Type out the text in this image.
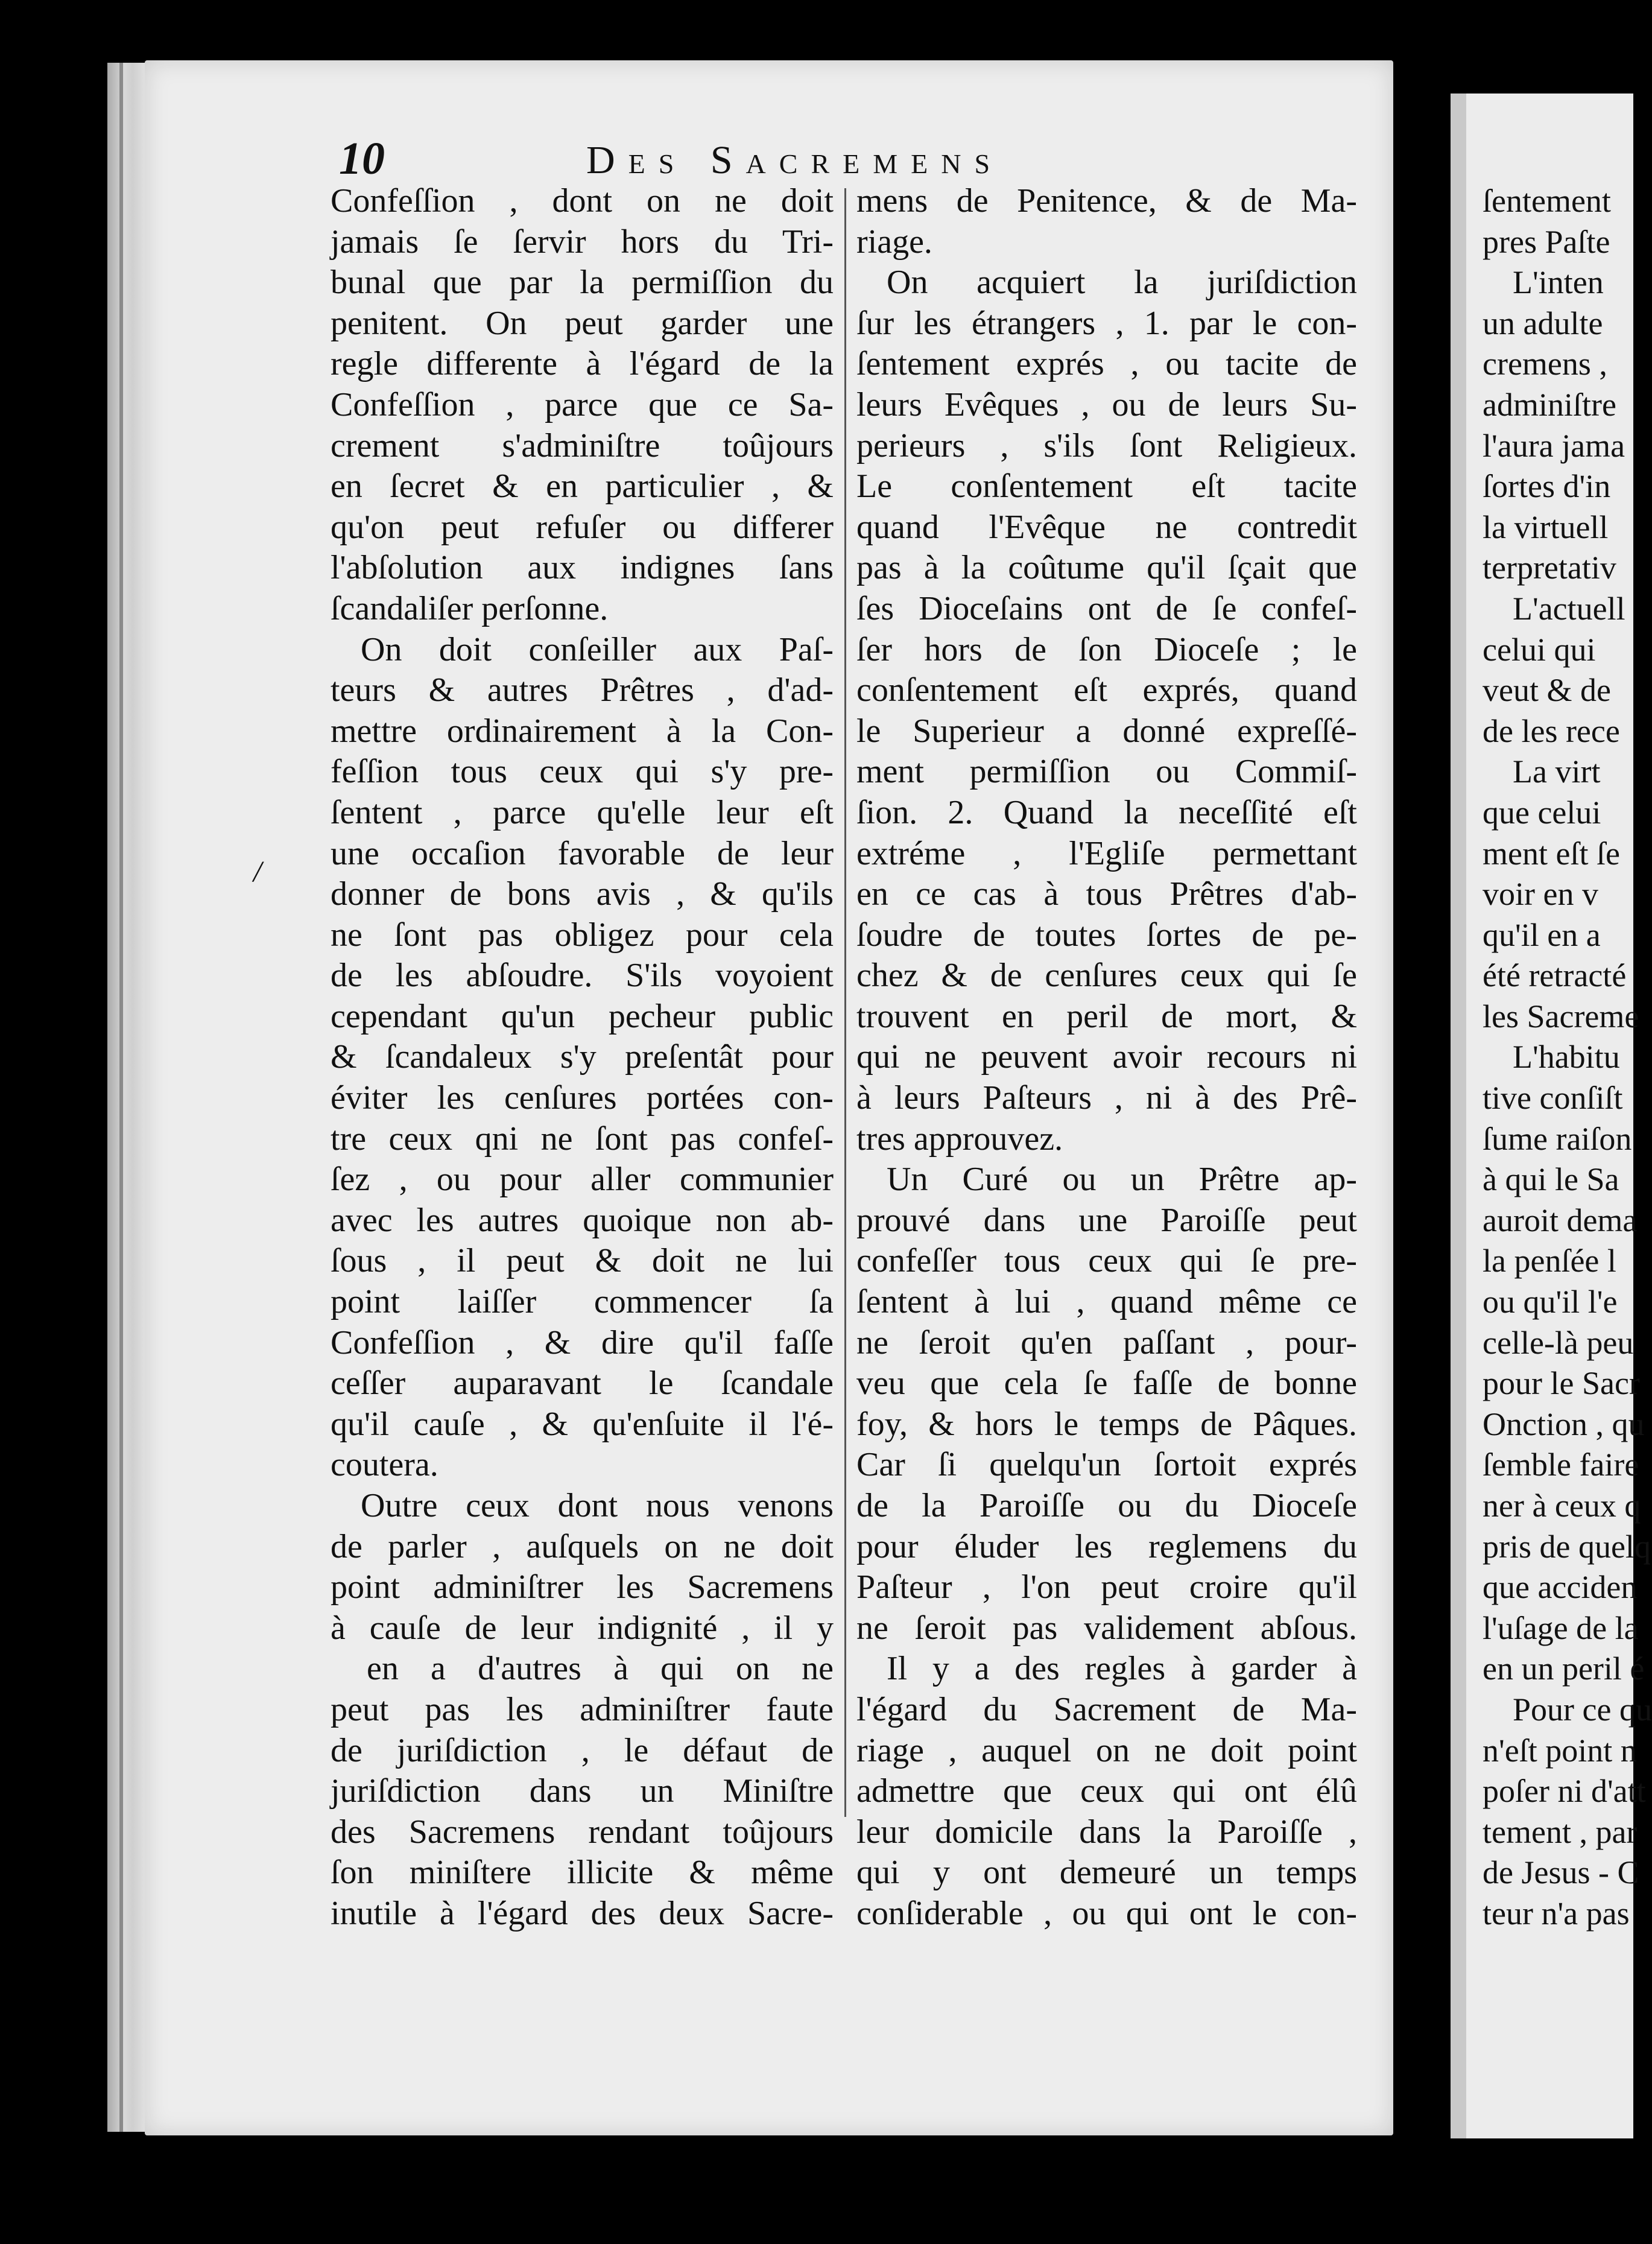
10	Des Sacremens
/
Confeſſion , dont on ne doit
jamais ſe ſervir hors du Tri-
bunal que par la permiſſion du
penitent. On peut garder une
regle differente à l'égard de la
Confeſſion , parce que ce Sa-
crement s'adminiſtre toûjours
en ſecret & en particulier , &
qu'on peut refuſer ou differer
l'abſolution aux indignes ſans
ſcandaliſer perſonne.
On doit conſeiller aux Paſ-
teurs & autres Prêtres , d'ad-
mettre ordinairement à la Con-
feſſion tous ceux qui s'y pre-
ſentent , parce qu'elle leur eſt
une occaſion favorable de leur
donner de bons avis , & qu'ils
ne ſont pas obligez pour cela
de les abſoudre. S'ils voyoient
cependant qu'un pecheur public
& ſcandaleux s'y preſentât pour
éviter les cenſures portées con-
tre ceux qni ne ſont pas confeſ-
ſez , ou pour aller communier
avec les autres quoique non ab-
ſous , il peut & doit ne lui
point laiſſer commencer ſa
Confeſſion , & dire qu'il faſſe
ceſſer auparavant le ſcandale
qu'il cauſe , & qu'enſuite il l'é-
coutera.
Outre ceux dont nous venons
de parler , auſquels on ne doit
point adminiſtrer les Sacremens
à cauſe de leur indignité , il y
en a d'autres à qui on ne
peut pas les adminiſtrer faute
de juriſdiction , le défaut de
juriſdiction dans un Miniſtre
des Sacremens rendant toûjours
ſon miniſtere illicite & même
inutile à l'égard des deux Sacre-
mens de Penitence, & de Ma-
riage.
On acquiert la juriſdiction
ſur les étrangers , 1. par le con-
ſentement exprés , ou tacite de
leurs Evêques , ou de leurs Su-
perieurs , s'ils ſont Religieux.
Le conſentement eſt tacite
quand l'Evêque ne contredit
pas à la coûtume qu'il ſçait que
ſes Dioceſains ont de ſe confeſ-
ſer hors de ſon Dioceſe ; le
conſentement eſt exprés, quand
le Superieur a donné expreſſé-
ment permiſſion ou Commiſ-
ſion. 2. Quand la neceſſité eſt
extréme , l'Egliſe permettant
en ce cas à tous Prêtres d'ab-
ſoudre de toutes ſortes de pe-
chez & de cenſures ceux qui ſe
trouvent en peril de mort, &
qui ne peuvent avoir recours ni
à leurs Paſteurs , ni à des Prê-
tres approuvez.
Un Curé ou un Prêtre ap-
prouvé dans une Paroiſſe peut
confeſſer tous ceux qui ſe pre-
ſentent à lui , quand même ce
ne ſeroit qu'en paſſant , pour-
veu que cela ſe faſſe de bonne
foy, & hors le temps de Pâques.
Car ſi quelqu'un ſortoit exprés
de la Paroiſſe ou du Dioceſe
pour éluder les reglemens du
Paſteur , l'on peut croire qu'il
ne ſeroit pas validement abſous.
Il y a des regles à garder à
l'égard du Sacrement de Ma-
riage , auquel on ne doit point
admettre que ceux qui ont élû
leur domicile dans la Paroiſſe ,
qui y ont demeuré un temps
conſiderable , ou qui ont le con-
ſentement
pres Paſte
L'inten
un adulte
cremens ,
adminiſtre
l'aura jama
ſortes d'in
la virtuell
terpretativ
L'actuell
celui qui
veut & de
de les rece
La virt
que celui
ment eſt ſe
voir en v
qu'il en a
été retracté
les Sacreme
L'habitu
tive conſiſt
ſume raiſon
à qui le Sa
auroit dema
la penſée l
ou qu'il l'e
celle-là peu
pour le Sacr
Onction , qu
ſemble faire
ner à ceux q
pris de quelq
que acciden
l'uſage de la
en un peril é
Pour ce qu
n'eſt point n
poſer ni d'att
tement , par
de Jesus - C
teur n'a pas
